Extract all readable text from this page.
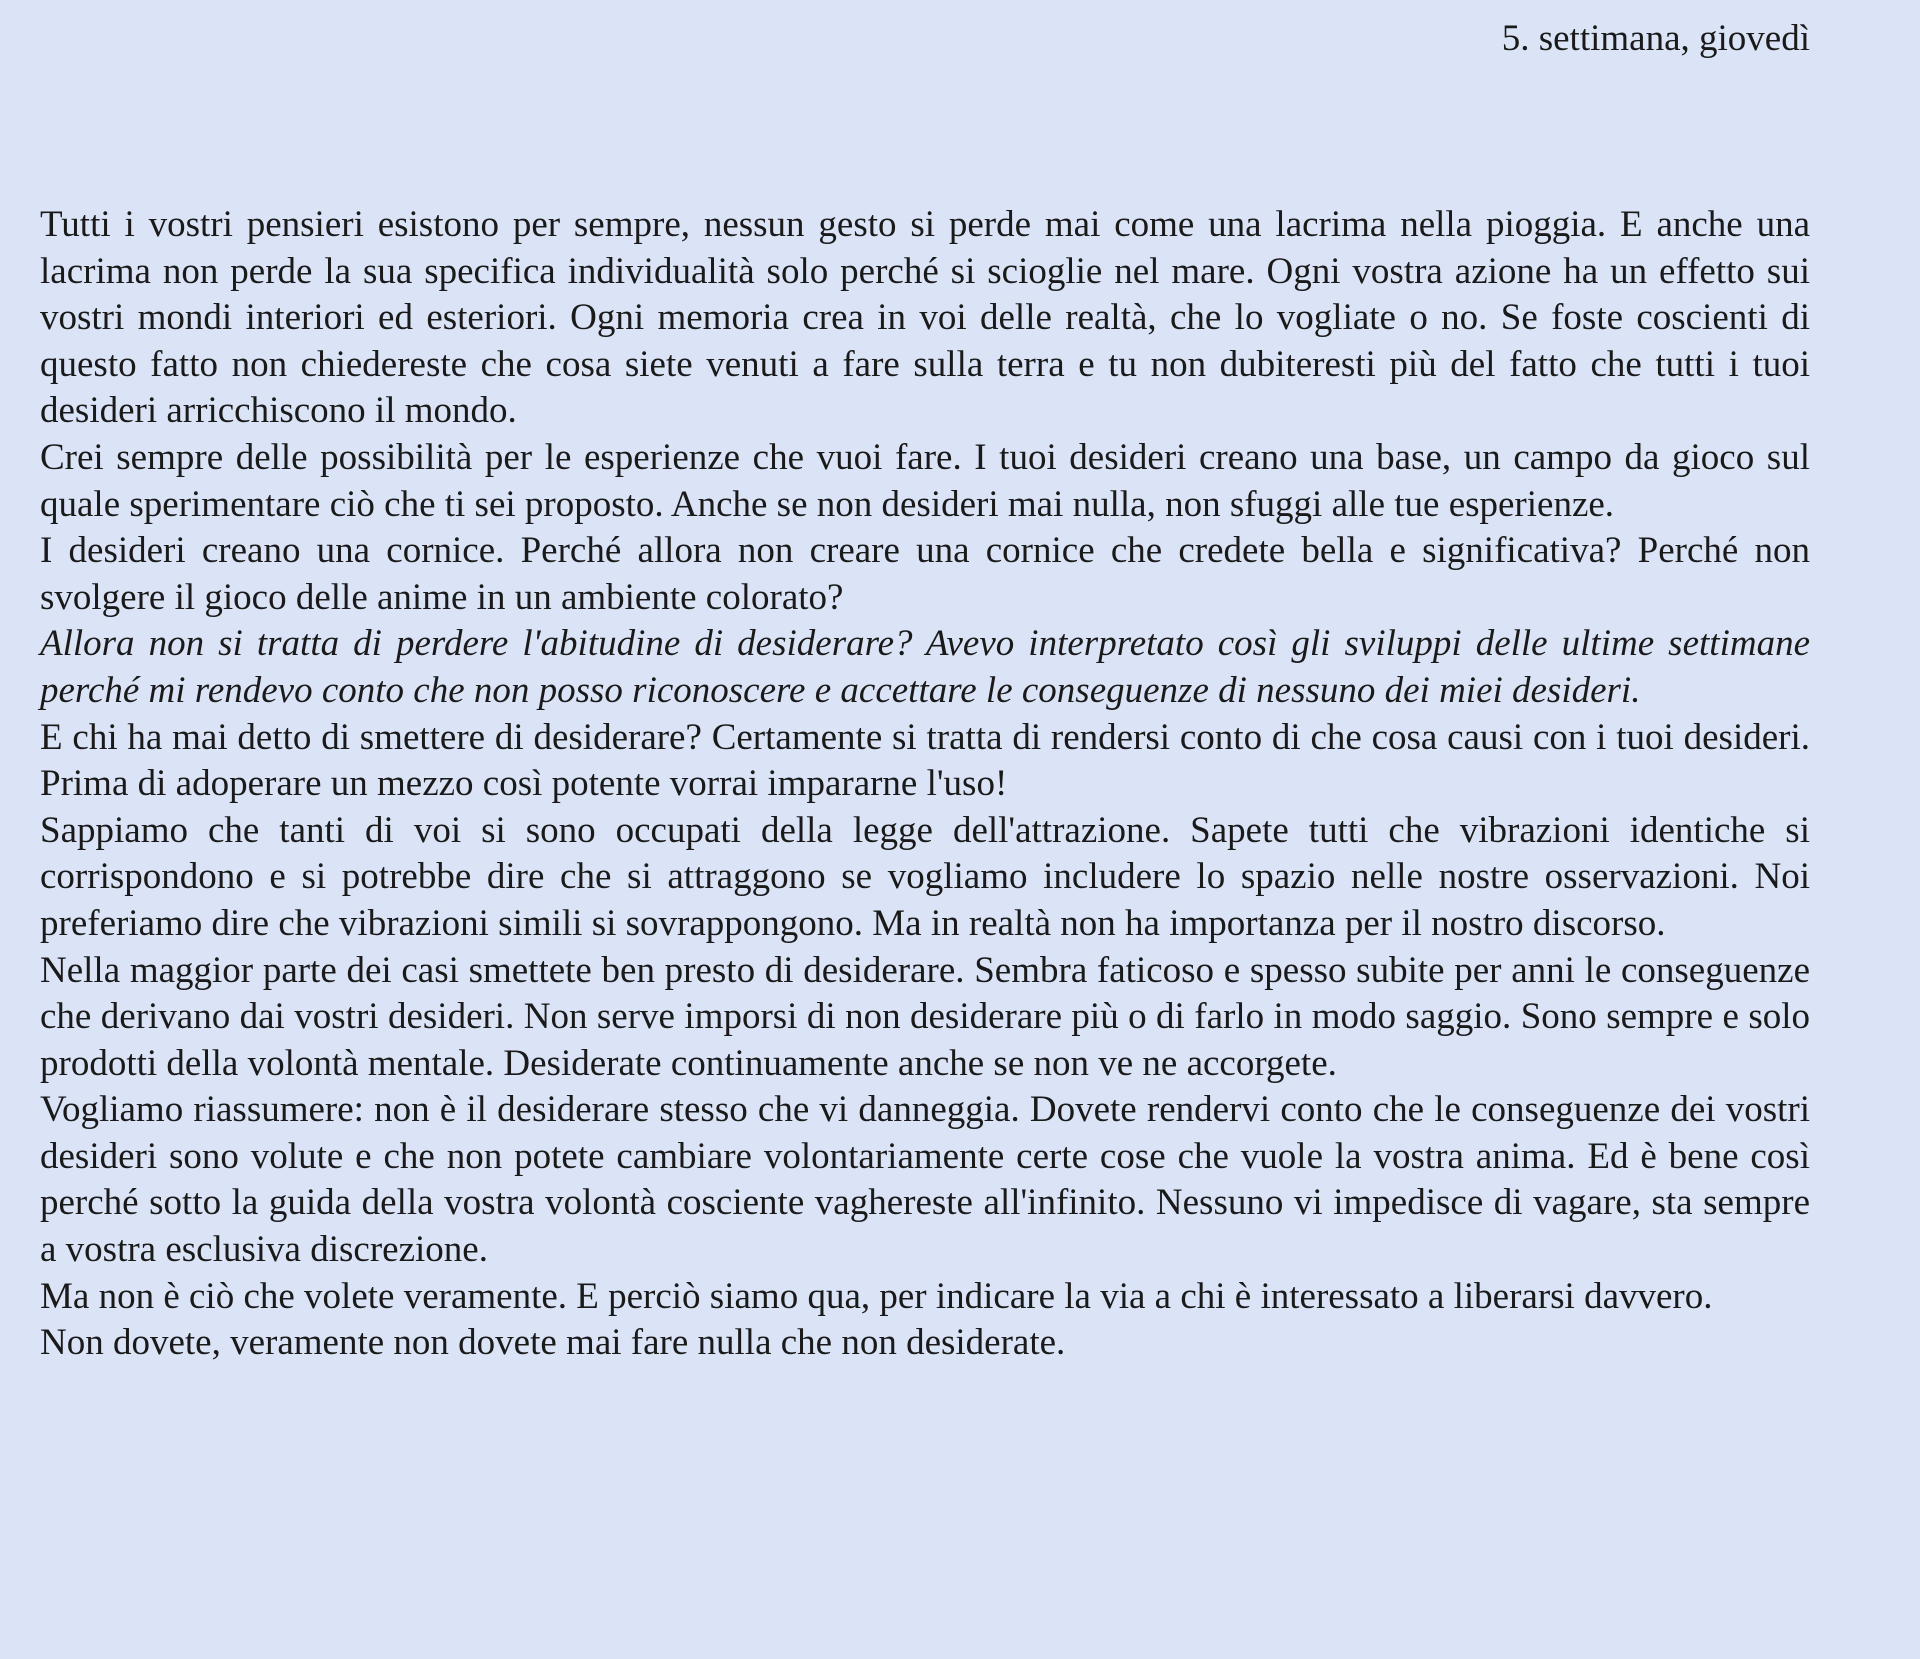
5. settimana, giovedì

Tutti i vostri pensieri esistono per sempre, nessun gesto si perde mai come una lacrima nella pioggia. E anche una lacrima non perde la sua specifica individualità solo perché si scioglie nel mare. Ogni vostra azione ha un effetto sui vostri mondi interiori ed esteriori. Ogni memoria crea in voi delle realtà, che lo vogliate o no. Se foste coscienti di questo fatto non chiedereste che cosa siete venuti a fare sulla terra e tu non dubiteresti più del fatto che tutti i tuoi desideri arricchiscono il mondo.

Crei sempre delle possibilità per le esperienze che vuoi fare. I tuoi desideri creano una base, un campo da gioco sul quale sperimentare ciò che ti sei proposto. Anche se non desideri mai nulla, non sfuggi alle tue esperienze.

I desideri creano una cornice. Perché allora non creare una cornice che credete bella e significativa? Perché non svolgere il gioco delle anime in un ambiente colorato?

Allora non si tratta di perdere l'abitudine di desiderare? Avevo interpretato così gli sviluppi delle ultime settimane perché mi rendevo conto che non posso riconoscere e accettare le conseguenze di nessuno dei miei desideri.

E chi ha mai detto di smettere di desiderare? Certamente si tratta di rendersi conto di che cosa causi con i tuoi desideri. Prima di adoperare un mezzo così potente vorrai impararne l'uso!

Sappiamo che tanti di voi si sono occupati della legge dell'attrazione. Sapete tutti che vibrazioni identiche si corrispondono e si potrebbe dire che si attraggono se vogliamo includere lo spazio nelle nostre osservazioni. Noi preferiamo dire che vibrazioni simili si sovrappongono. Ma in realtà non ha importanza per il nostro discorso.

Nella maggior parte dei casi smettete ben presto di desiderare. Sembra faticoso e spesso subite per anni le conseguenze che derivano dai vostri desideri. Non serve imporsi di non desiderare più o di farlo in modo saggio. Sono sempre e solo prodotti della volontà mentale. Desiderate continuamente anche se non ve ne accorgete.

Vogliamo riassumere: non è il desiderare stesso che vi danneggia. Dovete rendervi conto che le conseguenze dei vostri desideri sono volute e che non potete cambiare volontariamente certe cose che vuole la vostra anima. Ed è bene così perché sotto la guida della vostra volontà cosciente vaghereste all'infinito. Nessuno vi impedisce di vagare, sta sempre a vostra esclusiva discrezione.

Ma non è ciò che volete veramente. E perciò siamo qua, per indicare la via a chi è interessato a liberarsi davvero.

Non dovete, veramente non dovete mai fare nulla che non desiderate.
